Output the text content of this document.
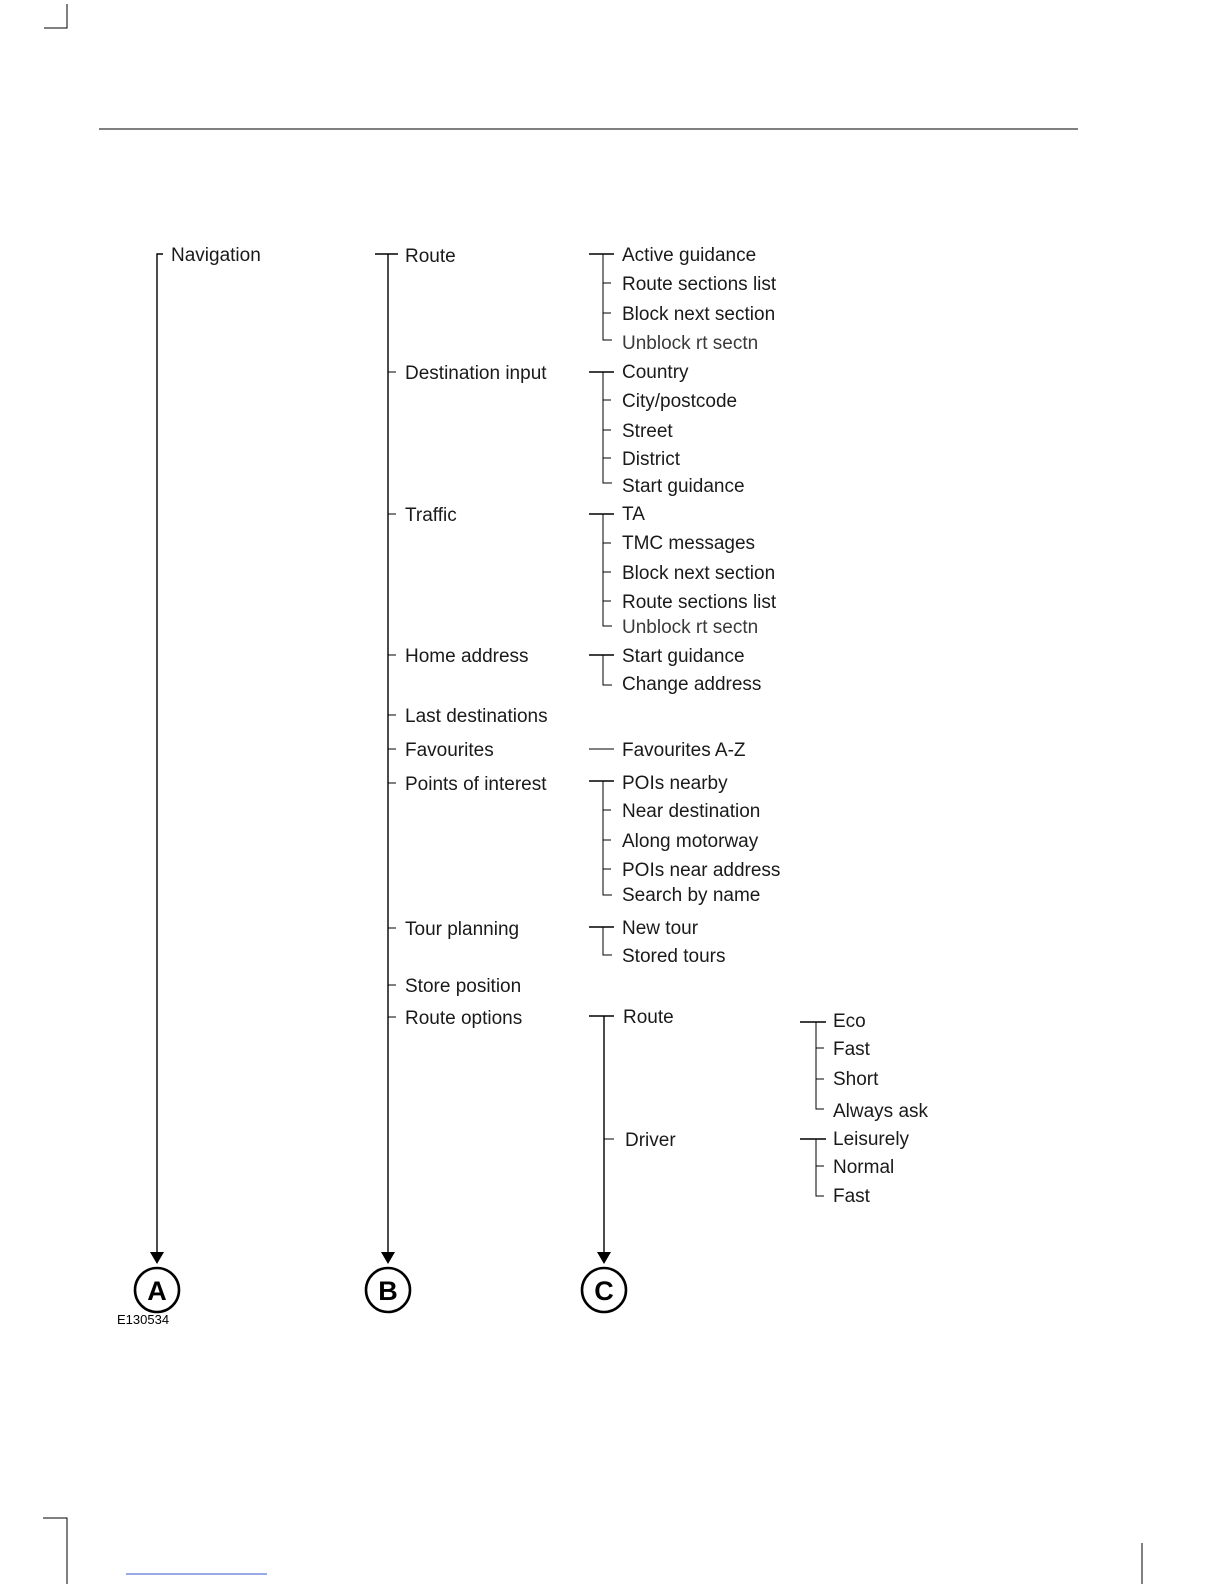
Navigation
A
E130534
Route
Destination input
Traffic
Home address
Last destinations
Favourites
Points of interest
Tour planning
Store position
Route options
B
Active guidance
Route sections list
Block next section
Unblock rt sectn
Country
City/postcode
Street
District
Start guidance
TA
TMC messages
Block next section
Route sections list
Unblock rt sectn
Start guidance
Change address
Favourites A-Z
POIs nearby
Near destination
Along motorway
POIs near address
Search by name
New tour
Stored tours
Route
Driver
C
Eco
Fast
Short
Always ask
Leisurely
Normal
Fast
